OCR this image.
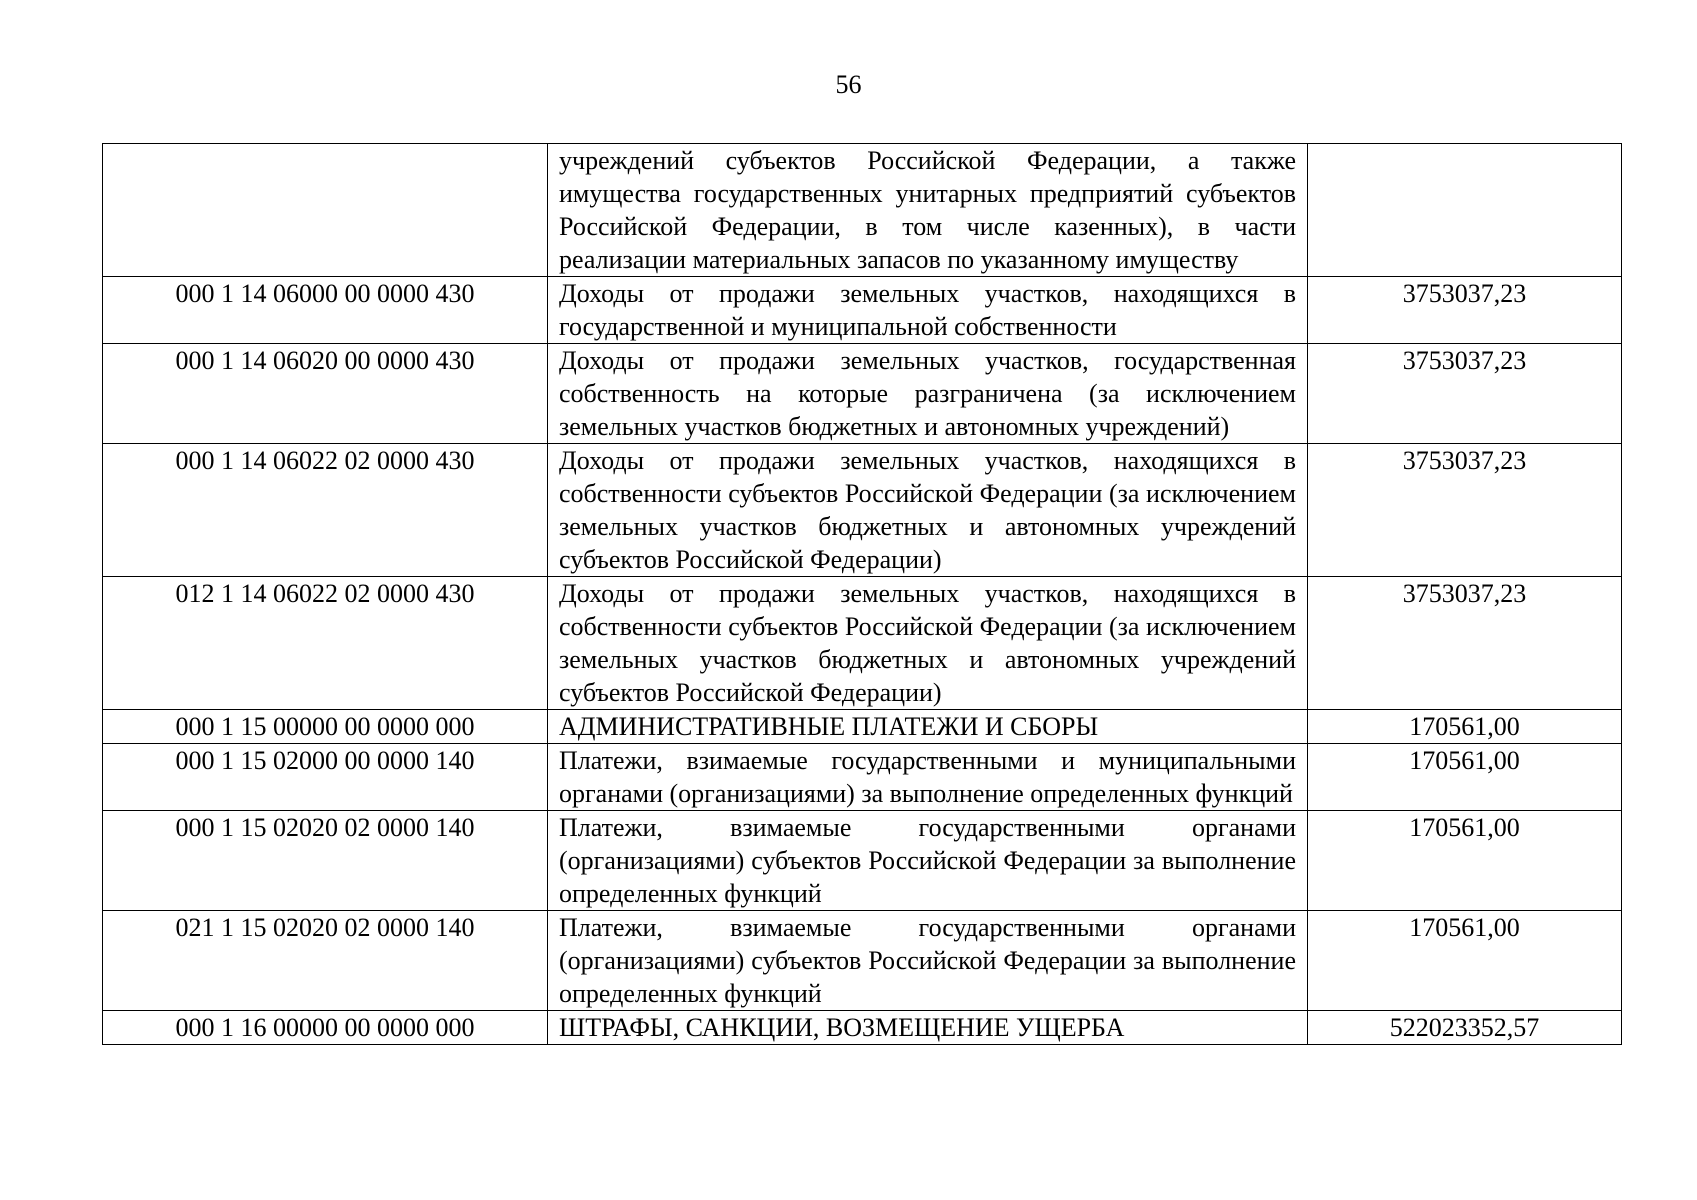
56
	учреждений субъектов Российской Федерации, а также имущества государственных унитарных предприятий субъектов Российской Федерации, в том числе казенных), в части реализации материальных запасов по указанному имуществу	
000 1 14 06000 00 0000 430	Доходы от продажи земельных участков, находящихся в государственной и муниципальной собственности	3753037,23
000 1 14 06020 00 0000 430	Доходы от продажи земельных участков, государственная собственность на которые разграничена (за исключением земельных участков бюджетных и автономных учреждений)	3753037,23
000 1 14 06022 02 0000 430	Доходы от продажи земельных участков, находящихся в собственности субъектов Российской Федерации (за исключением земельных участков бюджетных и автономных учреждений субъектов Российской Федерации)	3753037,23
012 1 14 06022 02 0000 430	Доходы от продажи земельных участков, находящихся в собственности субъектов Российской Федерации (за исключением земельных участков бюджетных и автономных учреждений субъектов Российской Федерации)	3753037,23
000 1 15 00000 00 0000 000	АДМИНИСТРАТИВНЫЕ ПЛАТЕЖИ И СБОРЫ	170561,00
000 1 15 02000 00 0000 140	Платежи, взимаемые государственными и муниципальными органами (организациями) за выполнение определенных функций	170561,00
000 1 15 02020 02 0000 140	Платежи, взимаемые государственными органами (организациями) субъектов Российской Федерации за выполнение определенных функций	170561,00
021 1 15 02020 02 0000 140	Платежи, взимаемые государственными органами (организациями) субъектов Российской Федерации за выполнение определенных функций	170561,00
000 1 16 00000 00 0000 000	ШТРАФЫ, САНКЦИИ, ВОЗМЕЩЕНИЕ УЩЕРБА	522023352,57
